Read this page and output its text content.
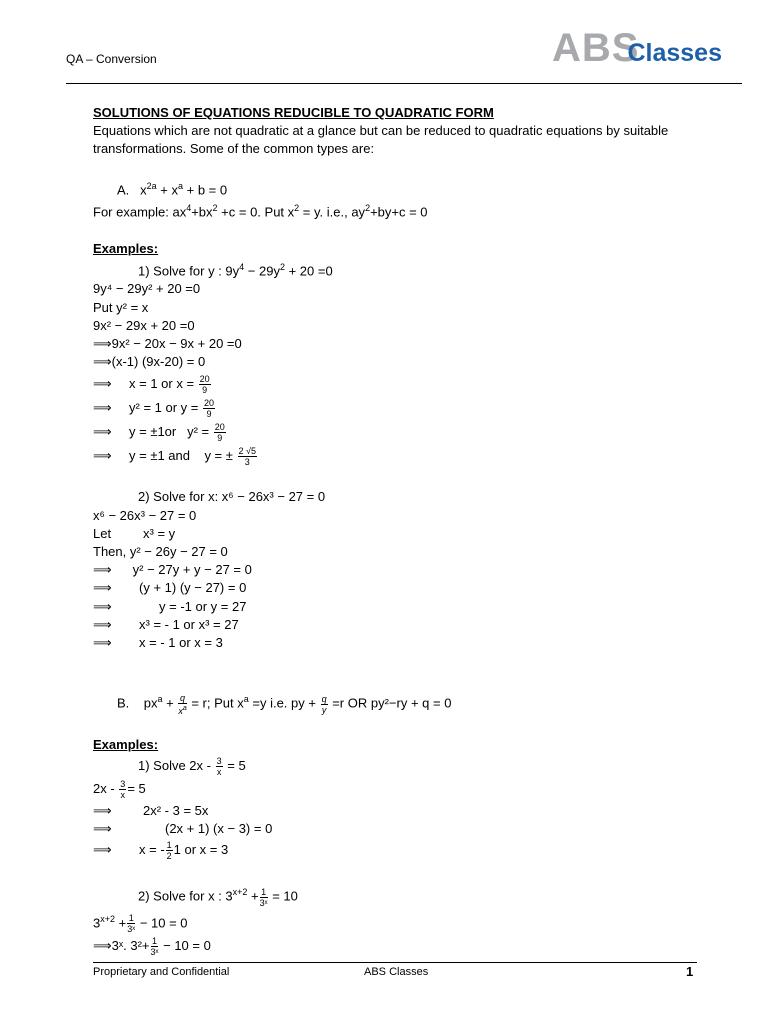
QA – Conversion	ABSClasses

SOLUTIONS OF EQUATIONS REDUCIBLE TO QUADRATIC FORM

Equations which are not quadratic at a glance but can be reduced to quadratic equations by suitable transformations. Some of the common types are:

A.   $x^{2a} + x^a + b = 0$

For example: $ax^4+bx^2 +c = 0$. Put $x^2 = y$. i.e., $ay^2+by+c = 0$

Examples:

1) Solve for y : $9y^4 - 29y^2 + 20 =0$

9y⁴ − 29y² + 20 =0

Put y² = x

9x² − 29x + 20 =0

⟹9x² − 20x − 9x + 20 =0

⟹(x-1) (9x-20) = 0

⟹ x = 1 or $x = \frac{20}{9}$

⟹ y² = 1 or $y = \frac{20}{9}$

⟹ y = ±1or $y^2 = \frac{20}{9}$

⟹ y = ±1 and y = ± $\frac{2 √5}{3}$

2) Solve for x: x⁶ − 26x³ − 27 = 0

x⁶ − 26x³ − 27 = 0

Let x³ = y

Then, y² − 26y − 27 = 0

⟹ y² − 27y + y − 27 = 0

⟹ (y + 1) (y − 27) = 0

⟹	y = -1 or y = 27

⟹ x³ = - 1 or x³ = 27

⟹ x = - 1 or x = 3

B. $px^a + \frac{q}{x^a} = r$; Put $x^a =y$ i.e. py + $\frac{q}{y} =r$ OR py²−ry + q = 0

Examples:

1) Solve $2x - \frac{3}{x} = 5$

$2x - \frac{3}{x} = 5$

⟹ 2x² - 3 = 5x

⟹	(2x + 1) (x − 3) = 0

⟹ x = - $\frac{1}{2} 1$ or x = 3

2) Solve for x : $3^{x+2} + \frac{1}{\text{3ˣ}} = 10$

$3^{x+2} + \frac{1}{\text{3ˣ}} - 10 = 0$

⟹3ˣ. $3^2+ \frac{1}{\text{3ˣ}} - 10 = 0$

Proprietary and Confidential	ABS Classes	1
